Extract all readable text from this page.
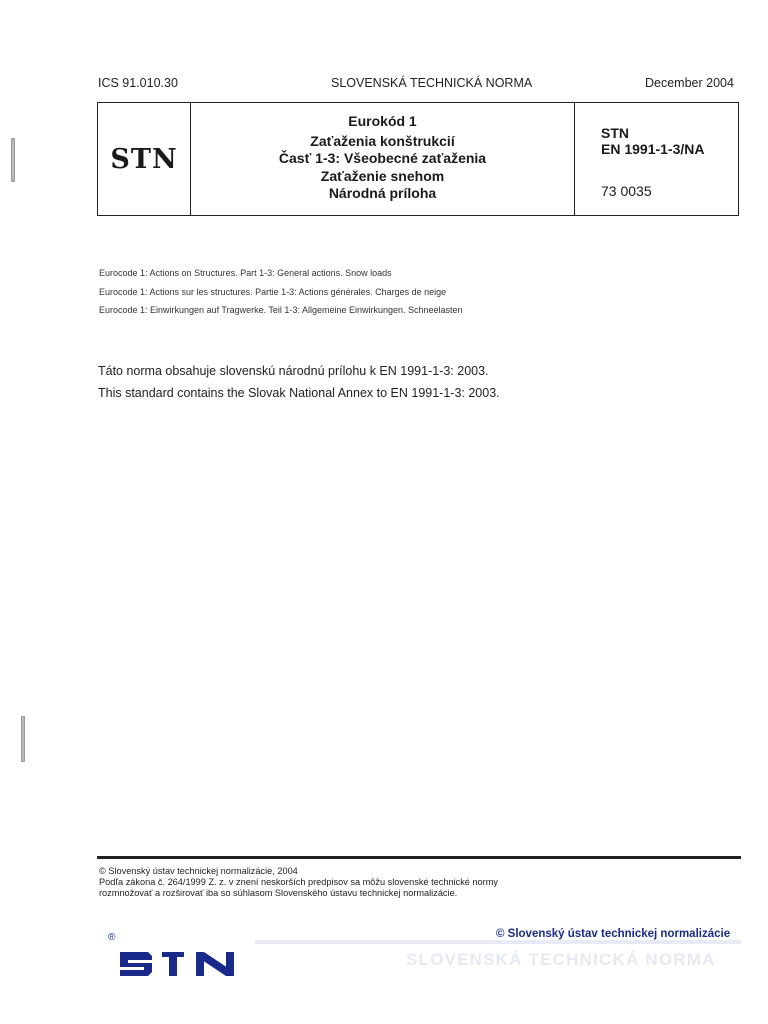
ICS 91.010.30	SLOVENSKÁ TECHNICKÁ NORMA	December 2004
STN
Eurokód 1
Zaťaženia konštrukcií
Časť 1-3: Všeobecné zaťaženia
Zaťaženie snehom
Národná príloha
STN
EN 1991-1-3/NA
73 0035
Eurocode 1: Actions on Structures. Part 1-3: General actions. Snow loads
Eurocode 1: Actions sur les structures. Partie 1-3: Actions générales. Charges de neige
Eurocode 1: Einwirkungen auf Tragwerke. Teil 1-3: Allgemeine Einwirkungen. Schneelasten
Táto norma obsahuje slovenskú národnú prílohu k EN 1991-1-3: 2003.
This standard contains the Slovak National Annex to EN 1991-1-3: 2003.
© Slovenský ústav technickej normalizácie, 2004
Podľa zákona č. 264/1999 Z. z. v znení neskorších predpisov sa môžu slovenské technické normy
rozmnožovať a rozširovať iba so súhlasom Slovenského ústavu technickej normalizácie.
© Slovenský ústav technickej normalizácie
SLOVENSKÁ TECHNICKÁ NORMA
®
